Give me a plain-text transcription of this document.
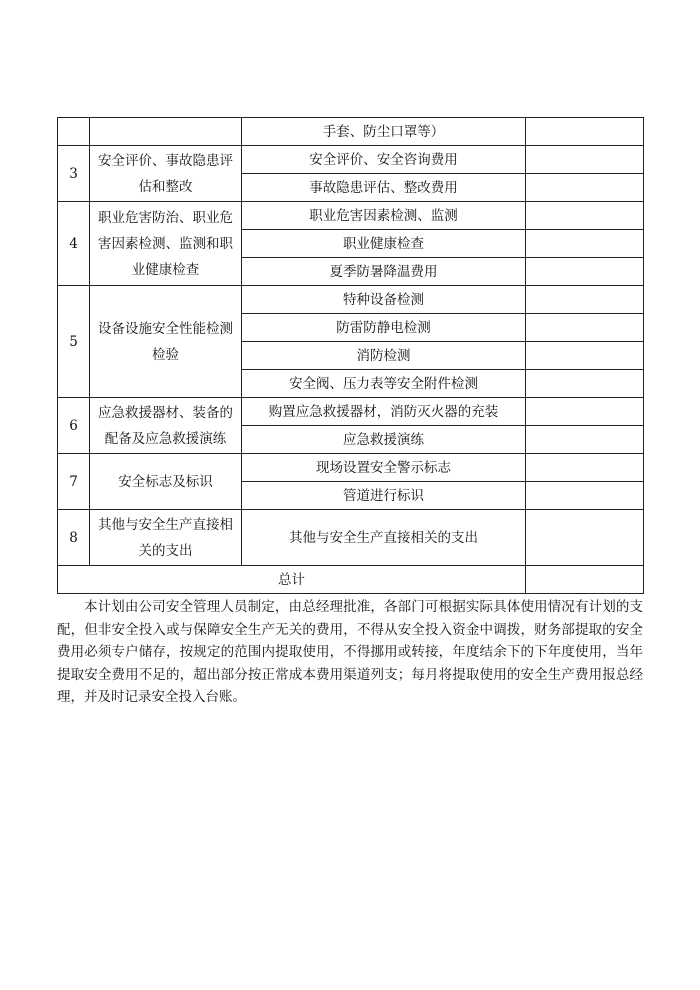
		手套、防尘口罩等）	
3	安全评价、事故隐患评估和整改	安全评价、安全咨询费用	
		事故隐患评估、整改费用	
4	职业危害防治、职业危害因素检测、监测和职业健康检查	职业危害因素检测、监测	
		职业健康检查	
		夏季防暑降温费用	
5	设备设施安全性能检测检验	特种设备检测	
		防雷防静电检测	
		消防检测	
		安全阀、压力表等安全附件检测	
6	应急救援器材、装备的配备及应急救援演练	购置应急救援器材，消防灭火器的充装	
		应急救援演练	
7	安全标志及标识	现场设置安全警示标志	
		管道进行标识	
8	其他与安全生产直接相关的支出	其他与安全生产直接相关的支出	
总计			

本计划由公司安全管理人员制定，由总经理批准，各部门可根据实际具体使用情况有计划的支配，但非安全投入或与保障安全生产无关的费用，不得从安全投入资金中调拨，财务部提取的安全费用必须专户储存，按规定的范围内提取使用，不得挪用或转接，年度结余下的下年度使用，当年提取安全费用不足的，超出部分按正常成本费用渠道列支；每月将提取使用的安全生产费用报总经理，并及时记录安全投入台账。
